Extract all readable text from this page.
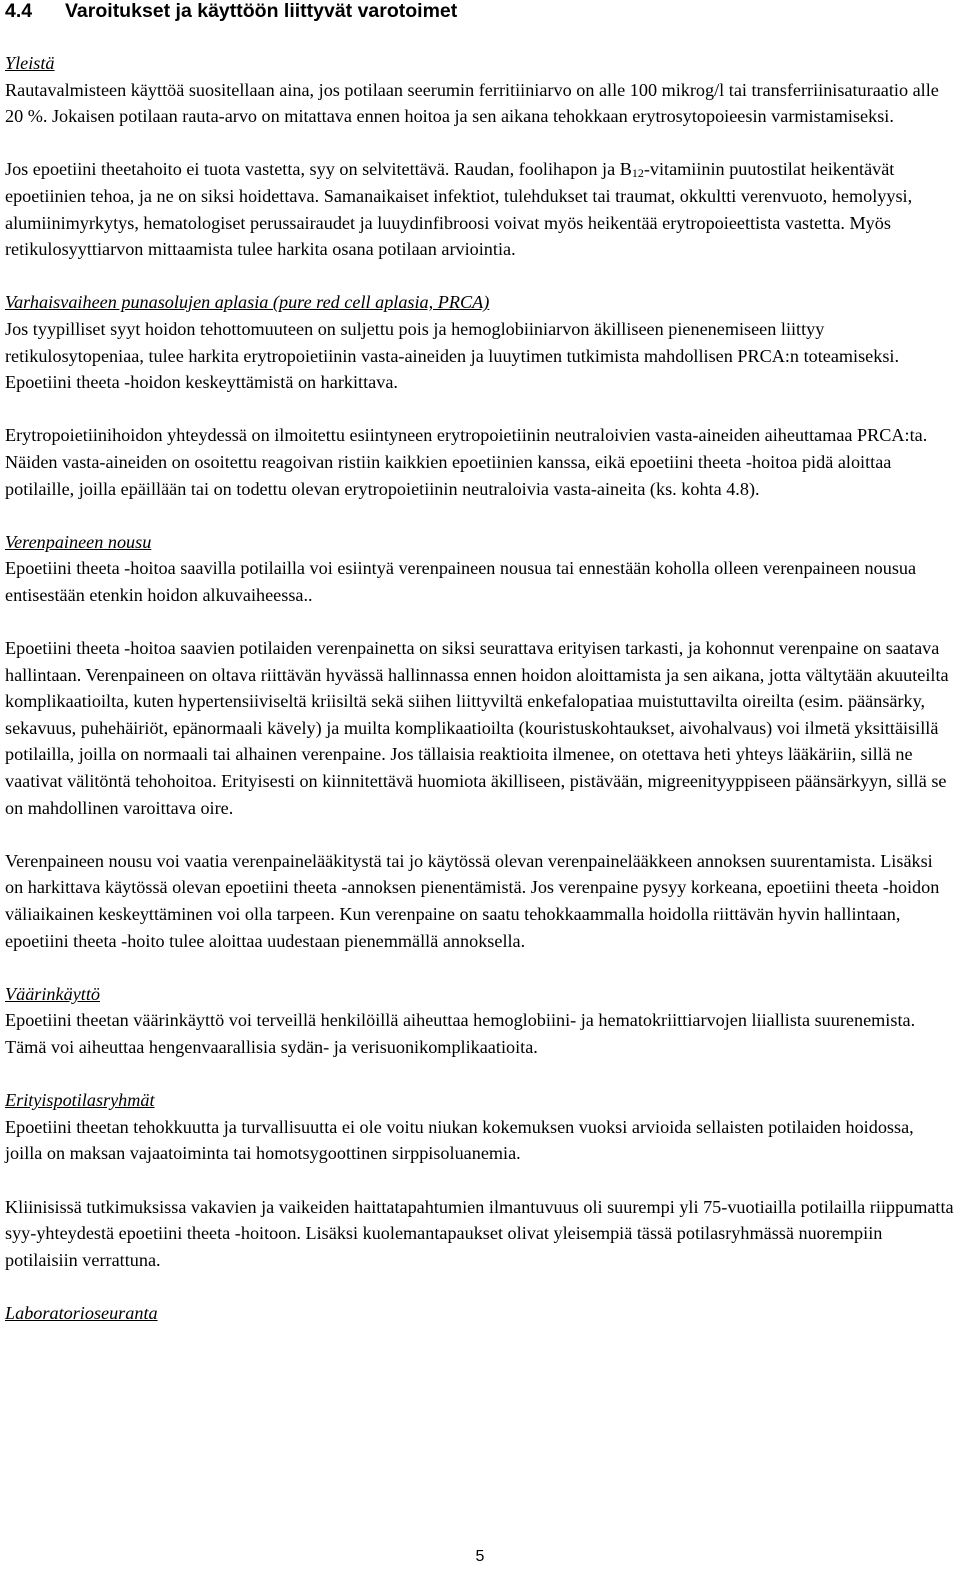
4.4 Varoitukset ja käyttöön liittyvät varotoimet

Yleistä

Rautavalmisteen käyttöä suositellaan aina, jos potilaan seerumin ferritiiniarvo on alle 100 mikrog/l tai transferriinisaturaatio alle 20 %. Jokaisen potilaan rauta-arvo on mitattava ennen hoitoa ja sen aikana tehokkaan erytrosytopoieesin varmistamiseksi.

Jos epoetiini theetahoito ei tuota vastetta, syy on selvitettävä. Raudan, foolihapon ja $B_{12}$-vitamiinin puutostilat heikentävät epoetiinien tehoa, ja ne on siksi hoidettava. Samanaikaiset infektiot, tulehdukset tai traumat, okkultti verenvuoto, hemolyysi, alumiinimyrkytys, hematologiset perussairaudet ja luuydinfibroosi voivat myös heikentää erytropoieettista vastetta. Myös retikulosyyttiarvon mittaamista tulee harkita osana potilaan arviointia.

Varhaisvaiheen punasolujen aplasia (pure red cell aplasia, PRCA)

Jos tyypilliset syyt hoidon tehottomuuteen on suljettu pois ja hemoglobiiniarvon äkilliseen pienenemiseen liittyy retikulosytopeniaa, tulee harkita erytropoietiinin vasta-aineiden ja luuytimen tutkimista mahdollisen PRCA:n toteamiseksi. Epoetiini theeta -hoidon keskeyttämistä on harkittava.

Erytropoietiinihoidon yhteydessä on ilmoitettu esiintyneen erytropoietiinin neutraloivien vasta-aineiden aiheuttamaa PRCA:ta. Näiden vasta-aineiden on osoitettu reagoivan ristiin kaikkien epoetiinien kanssa, eikä epoetiini theeta -hoitoa pidä aloittaa potilaille, joilla epäillään tai on todettu olevan erytropoietiinin neutraloivia vasta-aineita (ks. kohta 4.8).

Verenpaineen nousu

Epoetiini theeta -hoitoa saavilla potilailla voi esiintyä verenpaineen nousua tai ennestään koholla olleen verenpaineen nousua entisestään etenkin hoidon alkuvaiheessa..

Epoetiini theeta -hoitoa saavien potilaiden verenpainetta on siksi seurattava erityisen tarkasti, ja kohonnut verenpaine on saatava hallintaan. Verenpaineen on oltava riittävän hyvässä hallinnassa ennen hoidon aloittamista ja sen aikana, jotta vältytään akuuteilta komplikaatioilta, kuten hypertensiiviseltä kriisiltä sekä siihen liittyviltä enkefalopatiaa muistuttavilta oireilta (esim. päänsärky, sekavuus, puhehäiriöt, epänormaali kävely) ja muilta komplikaatioilta (kouristuskohtaukset, aivohalvaus) voi ilmetä yksittäisillä potilailla, joilla on normaali tai alhainen verenpaine. Jos tällaisia reaktioita ilmenee, on otettava heti yhteys lääkäriin, sillä ne vaativat välitöntä tehohoitoa. Erityisesti on kiinnitettävä huomiota äkilliseen, pistävään, migreenityyppiseen päänsärkyyn, sillä se on mahdollinen varoittava oire.

Verenpaineen nousu voi vaatia verenpainelääkitystä tai jo käytössä olevan verenpainelääkkeen annoksen suurentamista. Lisäksi on harkittava käytössä olevan epoetiini theeta -annoksen pienentämistä. Jos verenpaine pysyy korkeana, epoetiini theeta -hoidon väliaikainen keskeyttäminen voi olla tarpeen. Kun verenpaine on saatu tehokkaammalla hoidolla riittävän hyvin hallintaan, epoetiini theeta -hoito tulee aloittaa uudestaan pienemmällä annoksella.

Väärinkäyttö

Epoetiini theetan väärinkäyttö voi terveillä henkilöillä aiheuttaa hemoglobiini- ja hematokriittiarvojen liiallista suurenemista. Tämä voi aiheuttaa hengenvaarallisia sydän- ja verisuonikomplikaatioita.

Erityispotilasryhmät

Epoetiini theetan tehokkuutta ja turvallisuutta ei ole voitu niukan kokemuksen vuoksi arvioida sellaisten potilaiden hoidossa, joilla on maksan vajaatoiminta tai homotsygoottinen sirppisoluanemia.

Kliinisissä tutkimuksissa vakavien ja vaikeiden haittatapahtumien ilmantuvuus oli suurempi yli 75-vuotiailla potilailla riippumatta syy-yhteydestä epoetiini theeta -hoitoon. Lisäksi kuolemantapaukset olivat yleisempiä tässä potilasryhmässä nuorempiin potilaisiin verrattuna.

Laboratorioseuranta

5
